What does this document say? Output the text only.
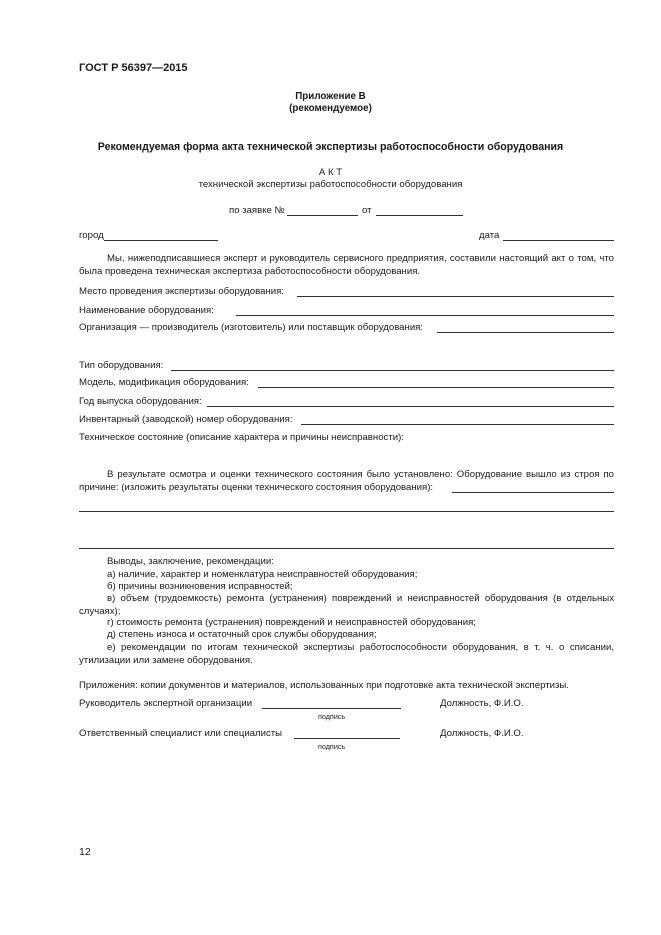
ГОСТ Р 56397—2015
Приложение В
(рекомендуемое)
Рекомендуемая форма акта технической экспертизы работоспособности оборудования
А К Т
технической экспертизы работоспособности оборудования
по заявке №	от
город	дата
Мы, нижеподписавшиеся эксперт и руководитель сервисного предприятия, составили настоящий акт о том, что была проведена техническая экспертиза работоспособности оборудования.
Место проведения экспертизы оборудования:
Наименование оборудования:
Организация — производитель (изготовитель) или поставщик оборудования:
Тип оборудования:
Модель, модификация оборудования:
Год выпуска оборудования:
Инвентарный (заводской) номер оборудования:
Техническое состояние (описание характера и причины неисправности):
В результате осмотра и оценки технического состояния было установлено: Оборудование вышло из строя по причине: (изложить результаты оценки технического состояния оборудования):
Выводы, заключение, рекомендации:
а) наличие, характер и номенклатура неисправностей оборудования;
б) причины возникновения исправностей;
в) объем (трудоемкость) ремонта (устранения) повреждений и неисправностей оборудования (в отдельных случаях);
г) стоимость ремонта (устранения) повреждений и неисправностей оборудования;
д) степень износа и остаточный срок службы оборудования;
е) рекомендации по итогам технической экспертизы работоспособности оборудования, в т. ч. о списании, утилизации или замене оборудования.
Приложения: копии документов и материалов, использованных при подготовке акта технической экспертизы.
Руководитель экспертной организации	Должность, Ф.И.О.
подпись
Ответственный специалист или специалисты	Должность, Ф.И.О.
подпись
12
